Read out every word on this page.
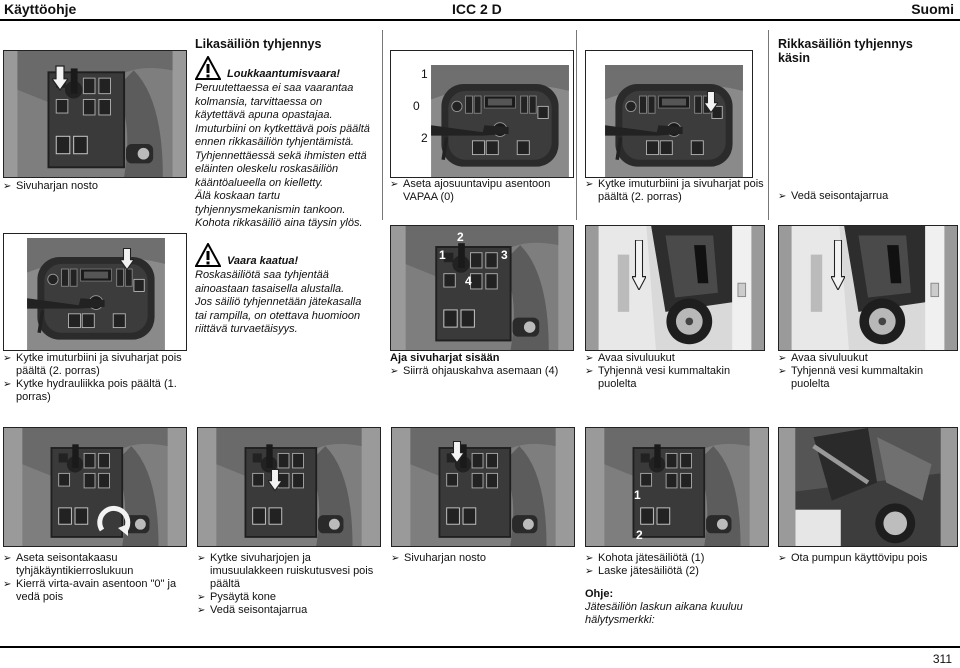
Käyttöohje	ICC 2 D	Suomi

➢ Sivuharjan nosto

Likasäiliön tyhjennys
Loukkaantumisvaara!
Peruutettaessa ei saa vaarantaa
kolmansia, tarvittaessa on
käytettävä apuna opastajaa.
Imuturbiini on kytkettävä pois päältä
ennen rikkasäiliön tyhjentämistä.
Tyhjennettäessä sekä ihmisten että
eläinten oleskelu roskasäiliön
kääntöalueella on kielletty.
Älä koskaan tartu
tyhjennysmekanismin tankoon.
Kohota rikkasäiliö aina täysin ylös.
1
0
2

➢ Aseta ajosuuntavipu asentoon VAPAA (0)

➢ Kytke imuturbiini ja sivuharjat pois päältä (2. porras)

Rikkasäiliön tyhjennys käsin

➢ Vedä seisontajarrua

➢ Kytke imuturbiini ja sivuharjat pois päältä (2. porras)

➢ Kytke hydrauliikka pois päältä (1. porras)

Vaara kaatua!
Roskasäiliötä saa tyhjentää
ainoastaan tasaisella alustalla.
Jos säiliö tyhjennetään jätekasalla
tai rampilla, on otettava huomioon
riittävä turvaetäisyys.
2
1	3
4
Aja sivuharjat sisään

➢ Siirrä ohjauskahva asemaan (4)

➢ Avaa sivuluukut

➢ Tyhjennä vesi kummaltakin puolelta

➢ Avaa sivuluukut

➢ Tyhjennä vesi kummaltakin puolelta

➢ Aseta seisontakaasu tyhjäkäyntikierroslukuun

➢ Kierrä virta-avain asentoon "0" ja vedä pois

➢ Kytke sivuharjojen ja imusuulakkeen ruiskutusvesi pois päältä

➢ Pysäytä kone

➢ Vedä seisontajarrua

➢ Sivuharjan nosto

1
2

➢ Kohota jätesäiliötä (1)

➢ Laske jätesäiliötä (2)

Ohje:
Jätesäiliön laskun aikana kuuluu hälytysmerkki:

➢ Ota pumpun käyttövipu pois

311
